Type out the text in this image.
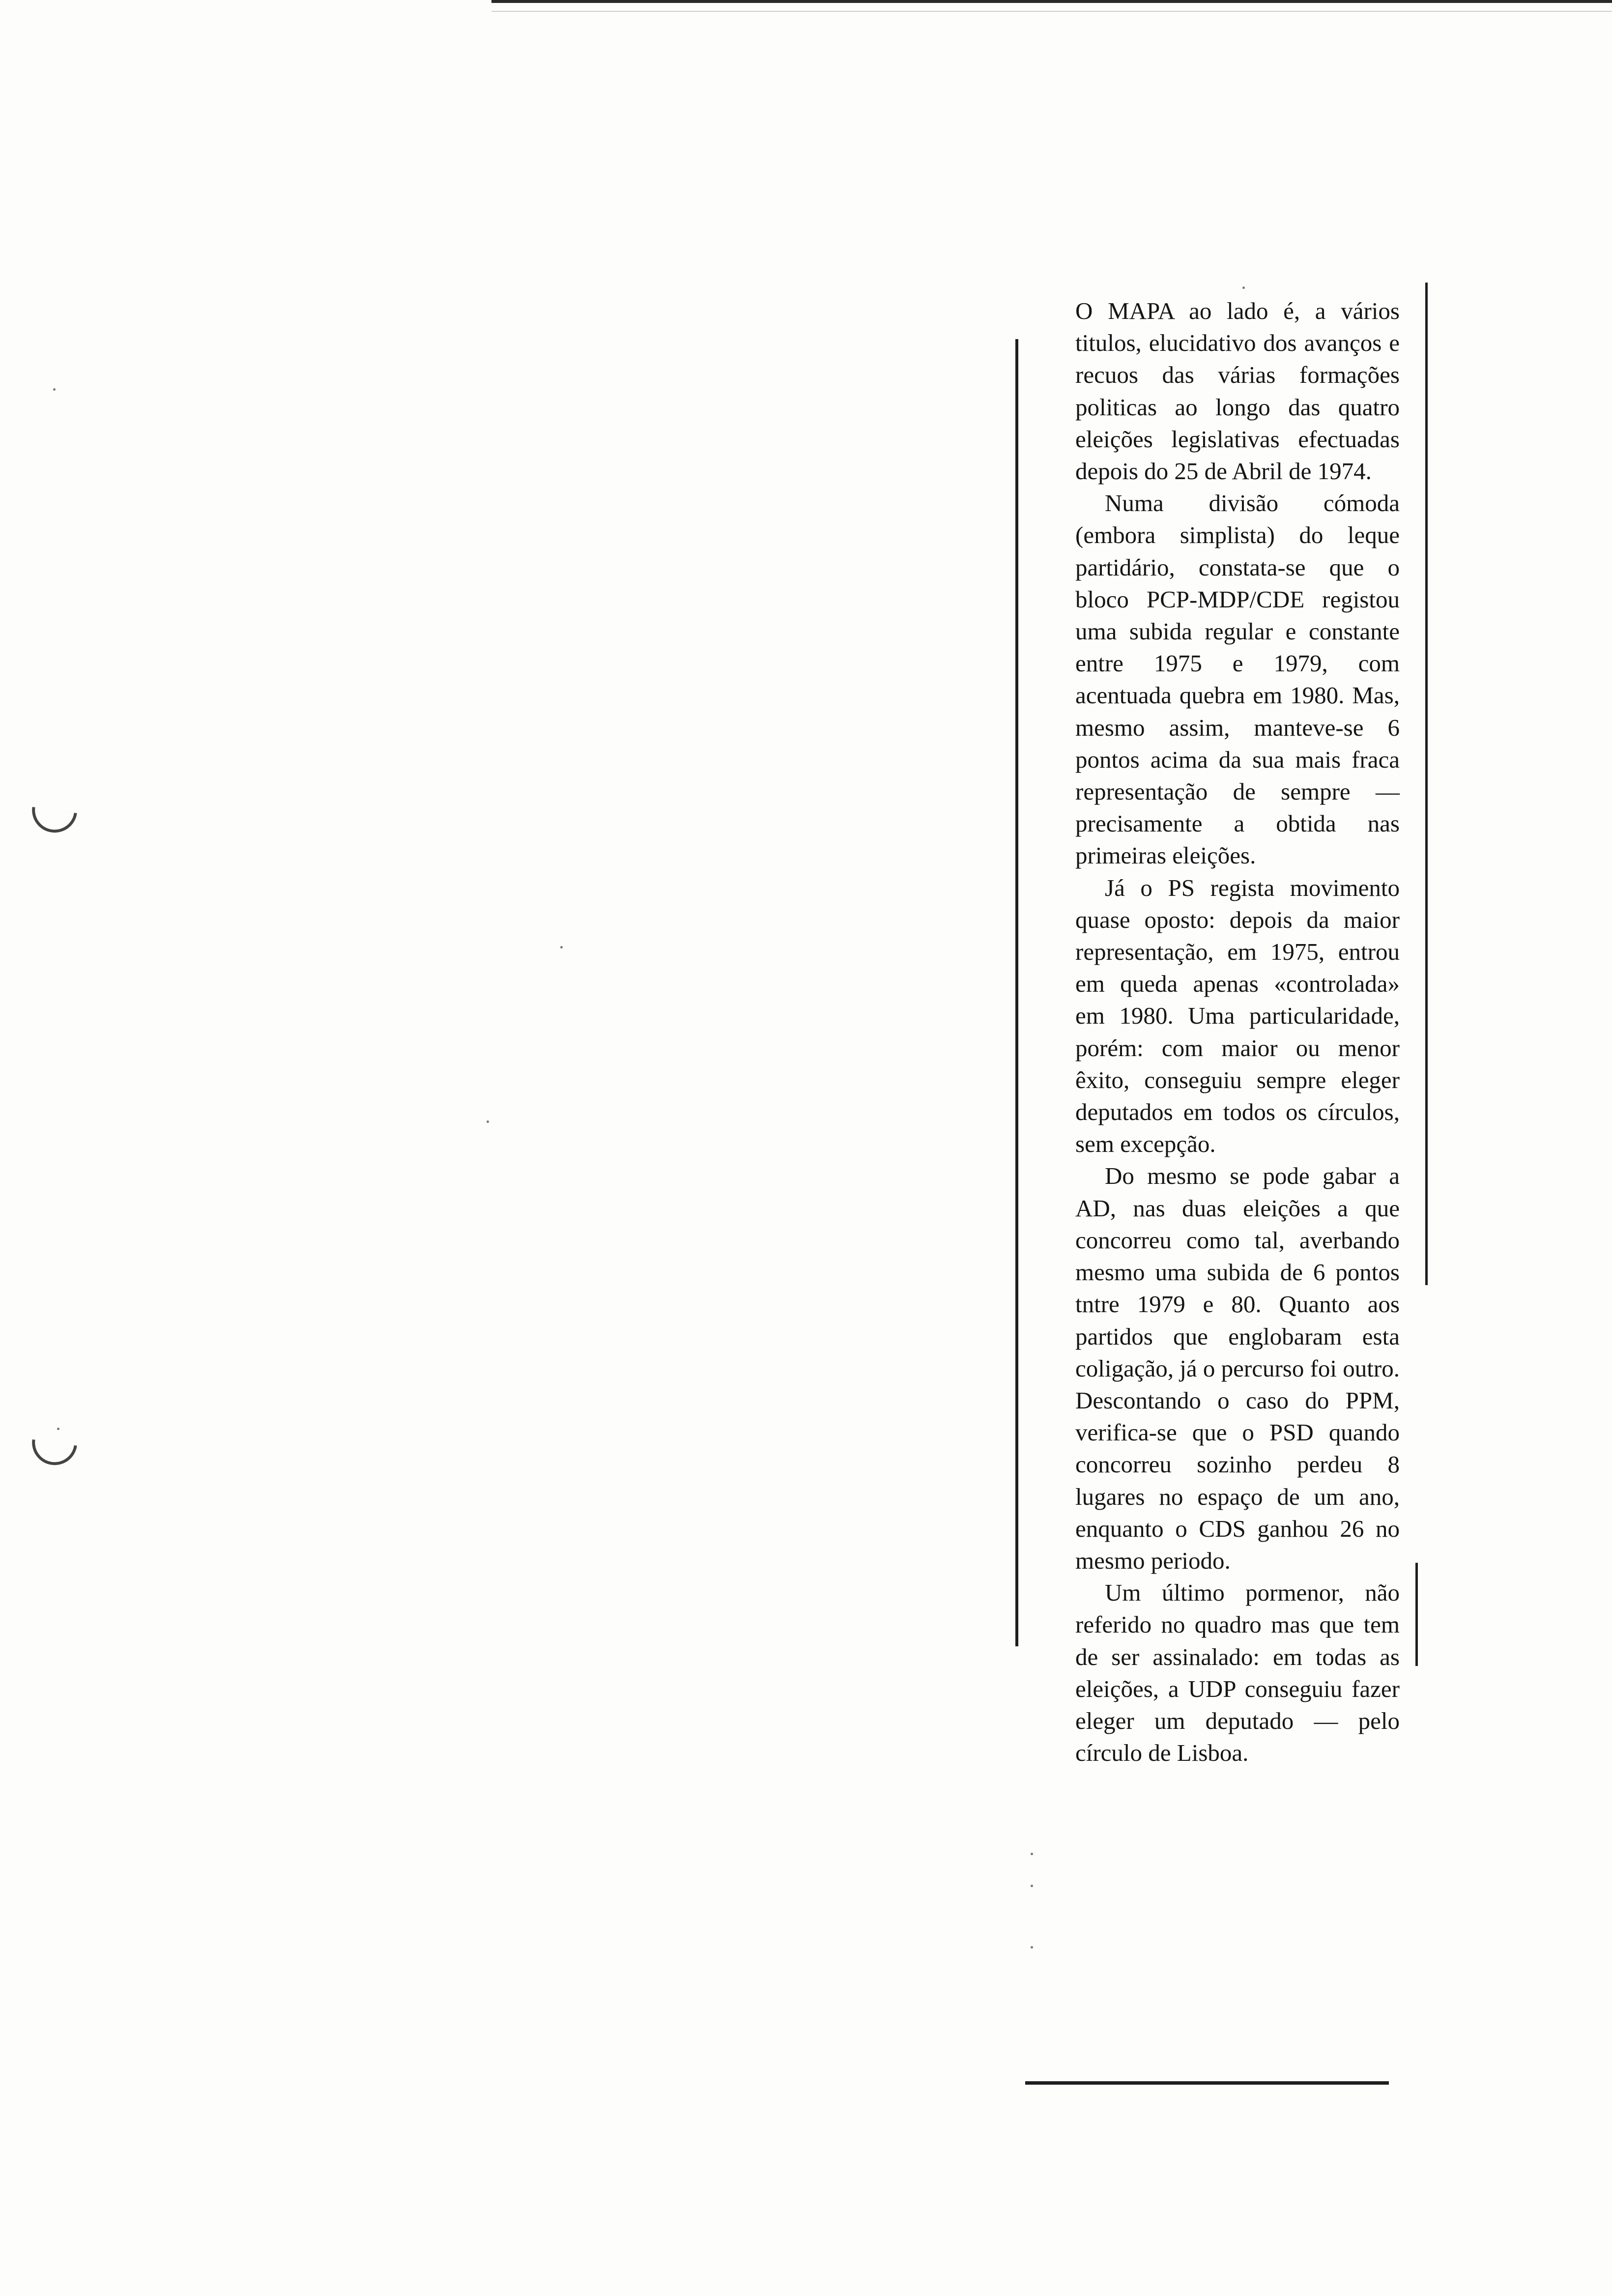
O MAPA ao lado é, a vários titulos, elucidativo dos avanços e recuos das várias formações politicas ao longo das quatro eleições legislativas efectuadas depois do 25 de Abril de 1974.

Numa divisão cómoda (embora simplista) do leque partidário, constata-se que o bloco PCP-MDP/CDE registou uma subida regular e constante entre 1975 e 1979, com acentuada quebra em 1980. Mas, mesmo assim, manteve-se 6 pontos acima da sua mais fraca representação de sempre — precisamente a obtida nas primeiras eleições.

Já o PS regista movimento quase oposto: depois da maior representação, em 1975, entrou em queda apenas «controlada» em 1980. Uma particularidade, porém: com maior ou menor êxito, conseguiu sempre eleger deputados em todos os círculos, sem excepção.

Do mesmo se pode gabar a AD, nas duas eleições a que concorreu como tal, averbando mesmo uma subida de 6 pontos tntre 1979 e 80. Quanto aos partidos que englobaram esta coligação, já o percurso foi outro. Descontando o caso do PPM, verifica-se que o PSD quando concorreu sozinho perdeu 8 lugares no espaço de um ano, enquanto o CDS ganhou 26 no mesmo periodo.

Um último pormenor, não referido no quadro mas que tem de ser assinalado: em todas as eleições, a UDP conseguiu fazer eleger um deputado — pelo círculo de Lisboa.
